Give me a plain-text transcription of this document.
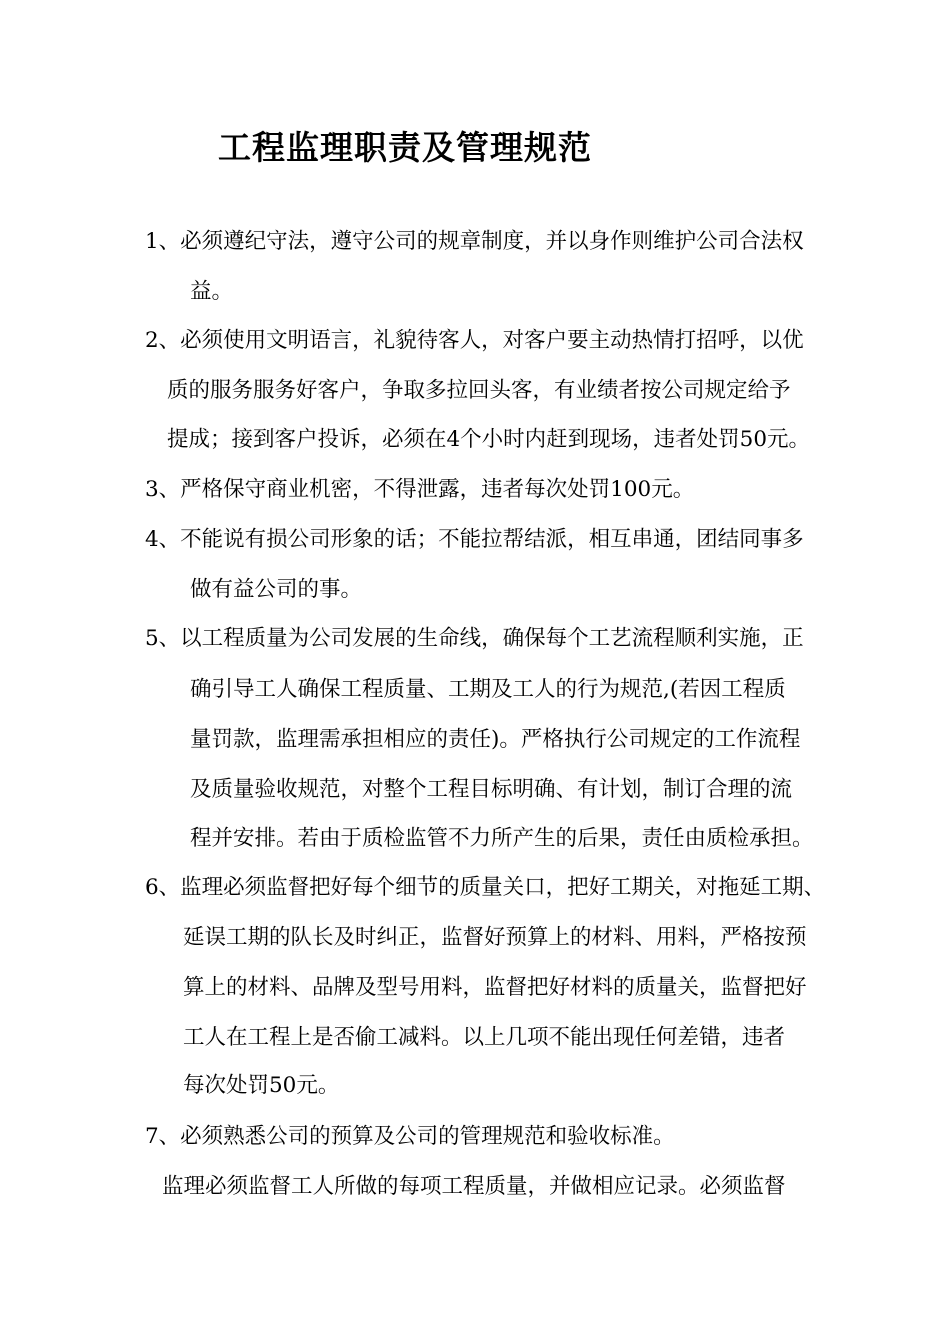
工程监理职责及管理规范
1、必须遵纪守法，遵守公司的规章制度，并以身作则维护公司合法权
益。
2、必须使用文明语言，礼貌待客人，对客户要主动热情打招呼，以优
质的服务服务好客户，争取多拉回头客，有业绩者按公司规定给予
提成；接到客户投诉，必须在4个小时内赶到现场，违者处罚50元。
3、严格保守商业机密，不得泄露，违者每次处罚100元。
4、不能说有损公司形象的话；不能拉帮结派，相互串通，团结同事多
做有益公司的事。
5、以工程质量为公司发展的生命线，确保每个工艺流程顺利实施，正
确引导工人确保工程质量、工期及工人的行为规范,(若因工程质
量罚款，监理需承担相应的责任)。严格执行公司规定的工作流程
及质量验收规范，对整个工程目标明确、有计划，制订合理的流
程并安排。若由于质检监管不力所产生的后果，责任由质检承担。
6、监理必须监督把好每个细节的质量关口，把好工期关，对拖延工期、
延误工期的队长及时纠正，监督好预算上的材料、用料，严格按预
算上的材料、品牌及型号用料，监督把好材料的质量关，监督把好
工人在工程上是否偷工减料。以上几项不能出现任何差错，违者
每次处罚50元。
7、必须熟悉公司的预算及公司的管理规范和验收标准。
监理必须监督工人所做的每项工程质量，并做相应记录。必须监督
